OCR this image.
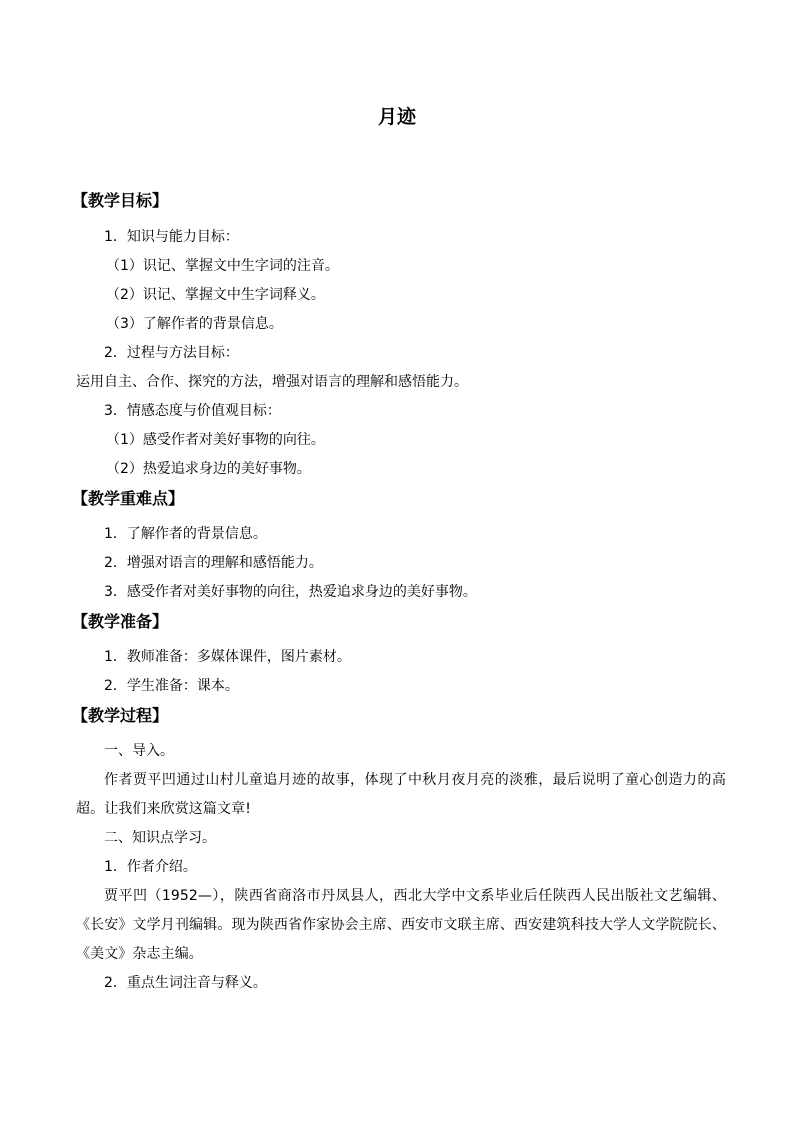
月迹
【教学目标】
1．知识与能力目标：
（1）识记、掌握文中生字词的注音。
（2）识记、掌握文中生字词释义。
（3）了解作者的背景信息。
2．过程与方法目标：
运用自主、合作、探究的方法，增强对语言的理解和感悟能力。
3．情感态度与价值观目标：
（1）感受作者对美好事物的向往。
（2）热爱追求身边的美好事物。
【教学重难点】
1．了解作者的背景信息。
2．增强对语言的理解和感悟能力。
3．感受作者对美好事物的向往，热爱追求身边的美好事物。
【教学准备】
1．教师准备：多媒体课件，图片素材。
2．学生准备：课本。
【教学过程】
一、导入。
作者贾平凹通过山村儿童追月迹的故事，体现了中秋月夜月亮的淡雅，最后说明了童心创造力的高超。让我们来欣赏这篇文章!
二、知识点学习。
1．作者介绍。
贾平凹（1952—），陕西省商洛市丹凤县人，西北大学中文系毕业后任陕西人民出版社文艺编辑、《长安》文学月刊编辑。现为陕西省作家协会主席、西安市文联主席、西安建筑科技大学人文学院院长、《美文》杂志主编。
2．重点生词注音与释义。
